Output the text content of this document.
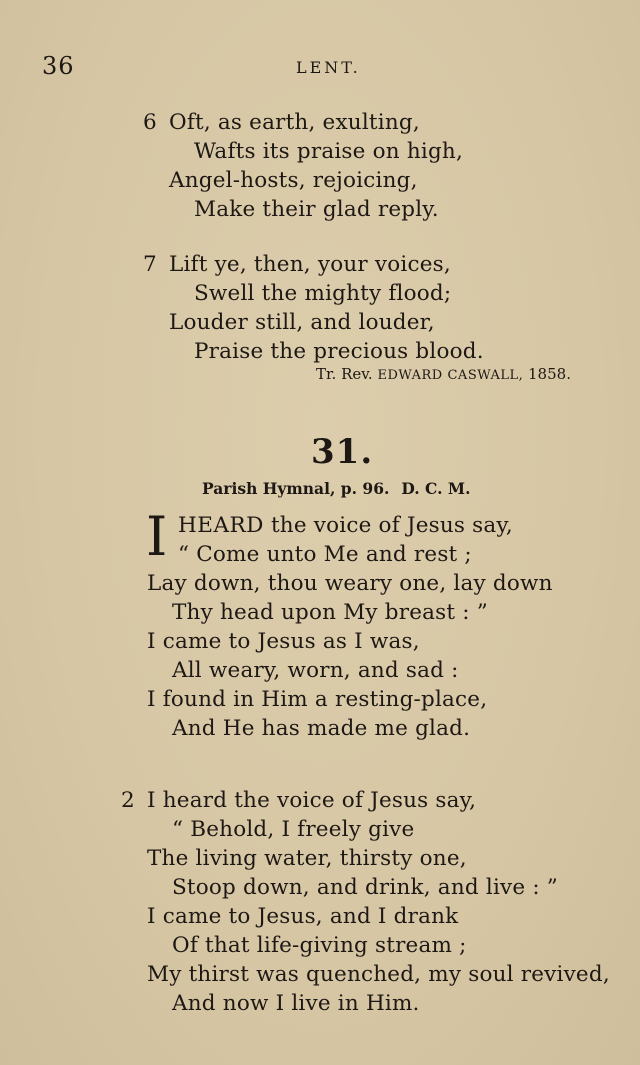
36	LENT.
6 Oft, as earth, exulting,
Wafts its praise on high,
Angel-hosts, rejoicing,
Make their glad reply.
7 Lift ye, then, your voices,
Swell the mighty flood;
Louder still, and louder,
Praise the precious blood.
Tr. Rev. EDWARD CASWALL, 1858.
31.
Parish Hymnal, p. 96. D. C. M.
I HEARD the voice of Jesus say,
“ Come unto Me and rest ;
Lay down, thou weary one, lay down
Thy head upon My breast : ”
I came to Jesus as I was,
All weary, worn, and sad :
I found in Him a resting-place,
And He has made me glad.
2 I heard the voice of Jesus say,
“ Behold, I freely give
The living water, thirsty one,
Stoop down, and drink, and live : ”
I came to Jesus, and I drank
Of that life-giving stream ;
My thirst was quenched, my soul revived,
And now I live in Him.
